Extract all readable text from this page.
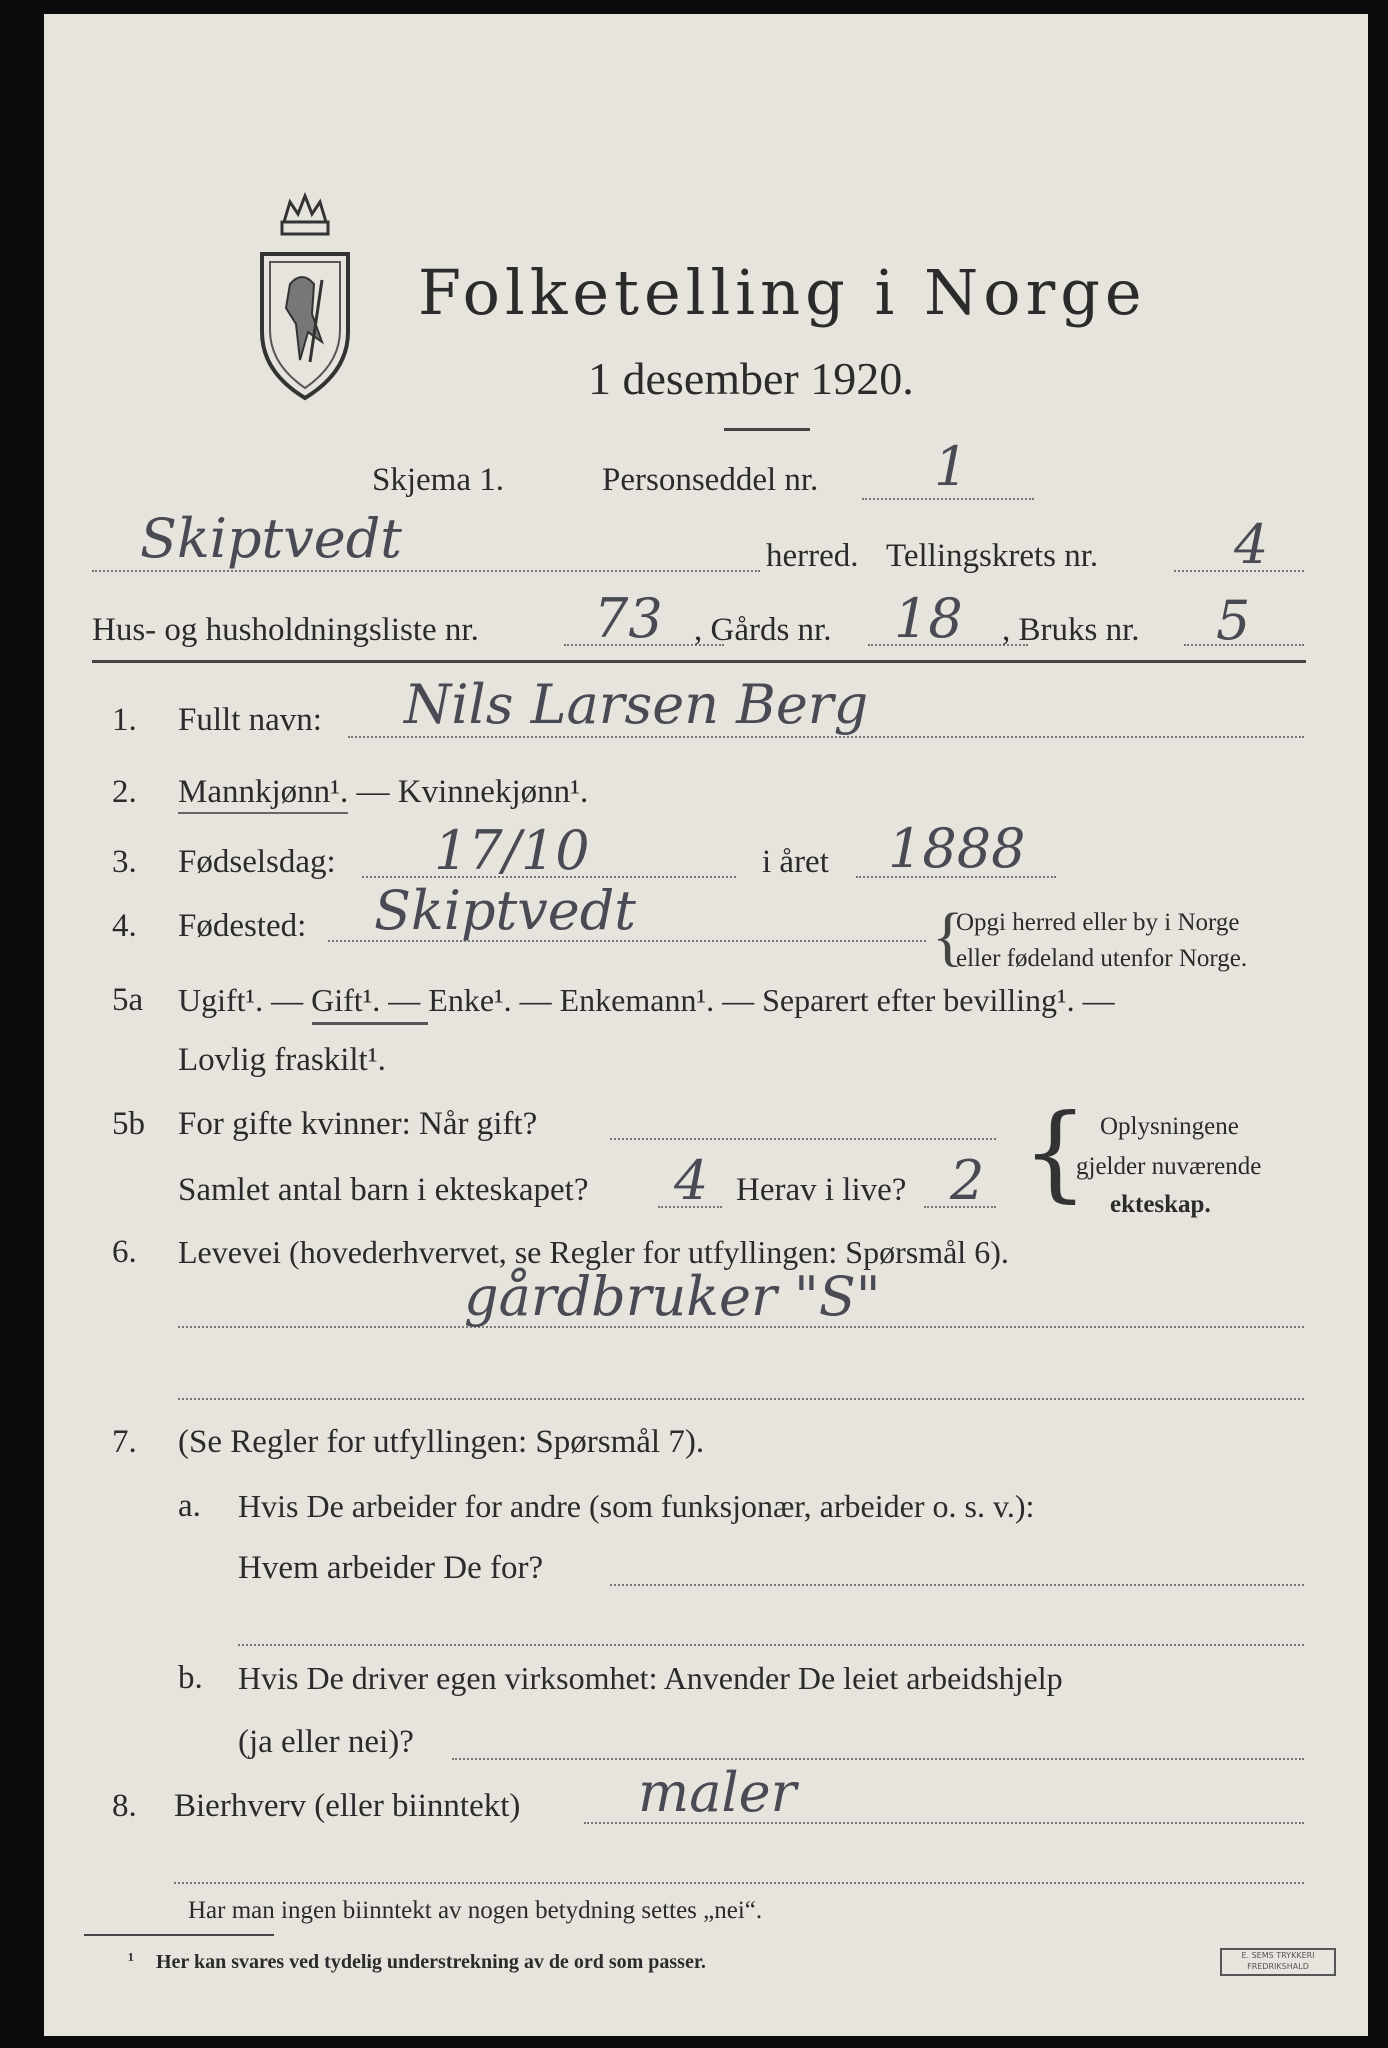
Folketelling i Norge
1 desember 1920.
Skjema 1.	Personseddel nr. 1
Skiptvedt	herred. Tellingskrets nr.	4
Hus- og husholdningsliste nr. 73 , Gårds nr. 18 , Bruks nr. 5
1. Fullt navn: Nils Larsen Berg
2. Mannkjønn¹. — Kvinnekjønn¹.
3. Fødselsdag: 17/10	i året 1888
4. Fødested: Skiptvedt	{
Opgi herred eller by i Norge
eller fødeland utenfor Norge.
5a Ugift¹. — Gift¹. — Enke¹. — Enkemann¹. — Separert efter bevilling¹. —
Lovlig fraskilt¹.
5b For gifte kvinner: Når gift?
Samlet antal barn i ekteskapet? 4 Herav i live? 2 { Oplysningene
gjelder nuværende
ekteskap.
6. Levevei (hovederhvervet, se Regler for utfyllingen: Spørsmål 6).
gårdbruker "S"
7. (Se Regler for utfyllingen: Spørsmål 7).
a. Hvis De arbeider for andre (som funksjonær, arbeider o. s. v.):
Hvem arbeider De for?
b. Hvis De driver egen virksomhet: Anvender De leiet arbeidshjelp
(ja eller nei)?
8. Bierhverv (eller biinntekt) maler
Har man ingen biinntekt av nogen betydning settes „nei“.
¹ Her kan svares ved tydelig understrekning av de ord som passer.	E. SEMS TRYKKERI FREDRIKSHALD
